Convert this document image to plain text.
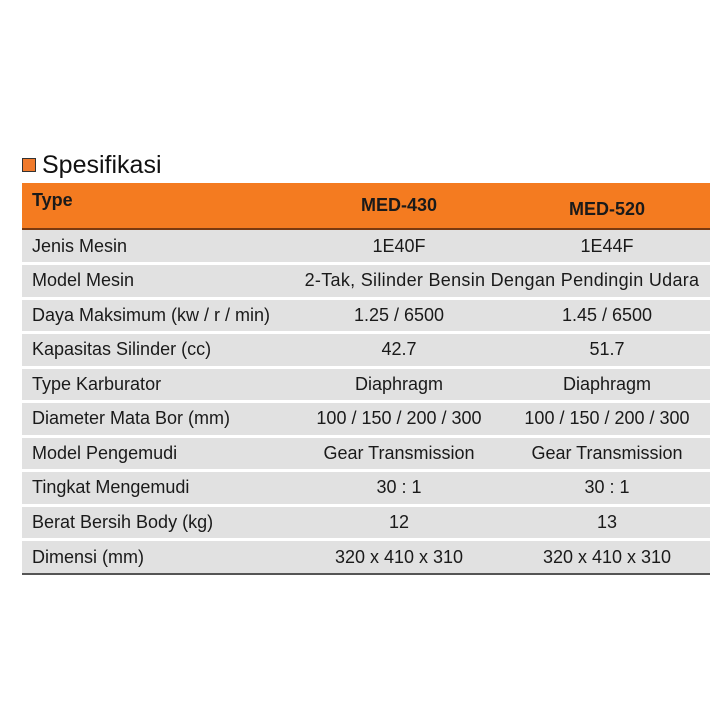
Spesifikasi
Type	MED-430	MED-520
Jenis Mesin	1E40F	1E44F
Model Mesin	2-Tak, Silinder Bensin Dengan Pendingin Udara	
Daya Maksimum (kw / r / min)	1.25 / 6500	1.45 / 6500
Kapasitas Silinder (cc)	42.7	51.7
Type Karburator	Diaphragm	Diaphragm
Diameter Mata Bor (mm)	100 / 150 / 200 / 300	100 / 150 / 200 / 300
Model Pengemudi	Gear Transmission	Gear Transmission
Tingkat Mengemudi	30 : 1	30 : 1
Berat Bersih Body (kg)	12	13
Dimensi (mm)	320 x 410 x 310	320 x 410 x 310
